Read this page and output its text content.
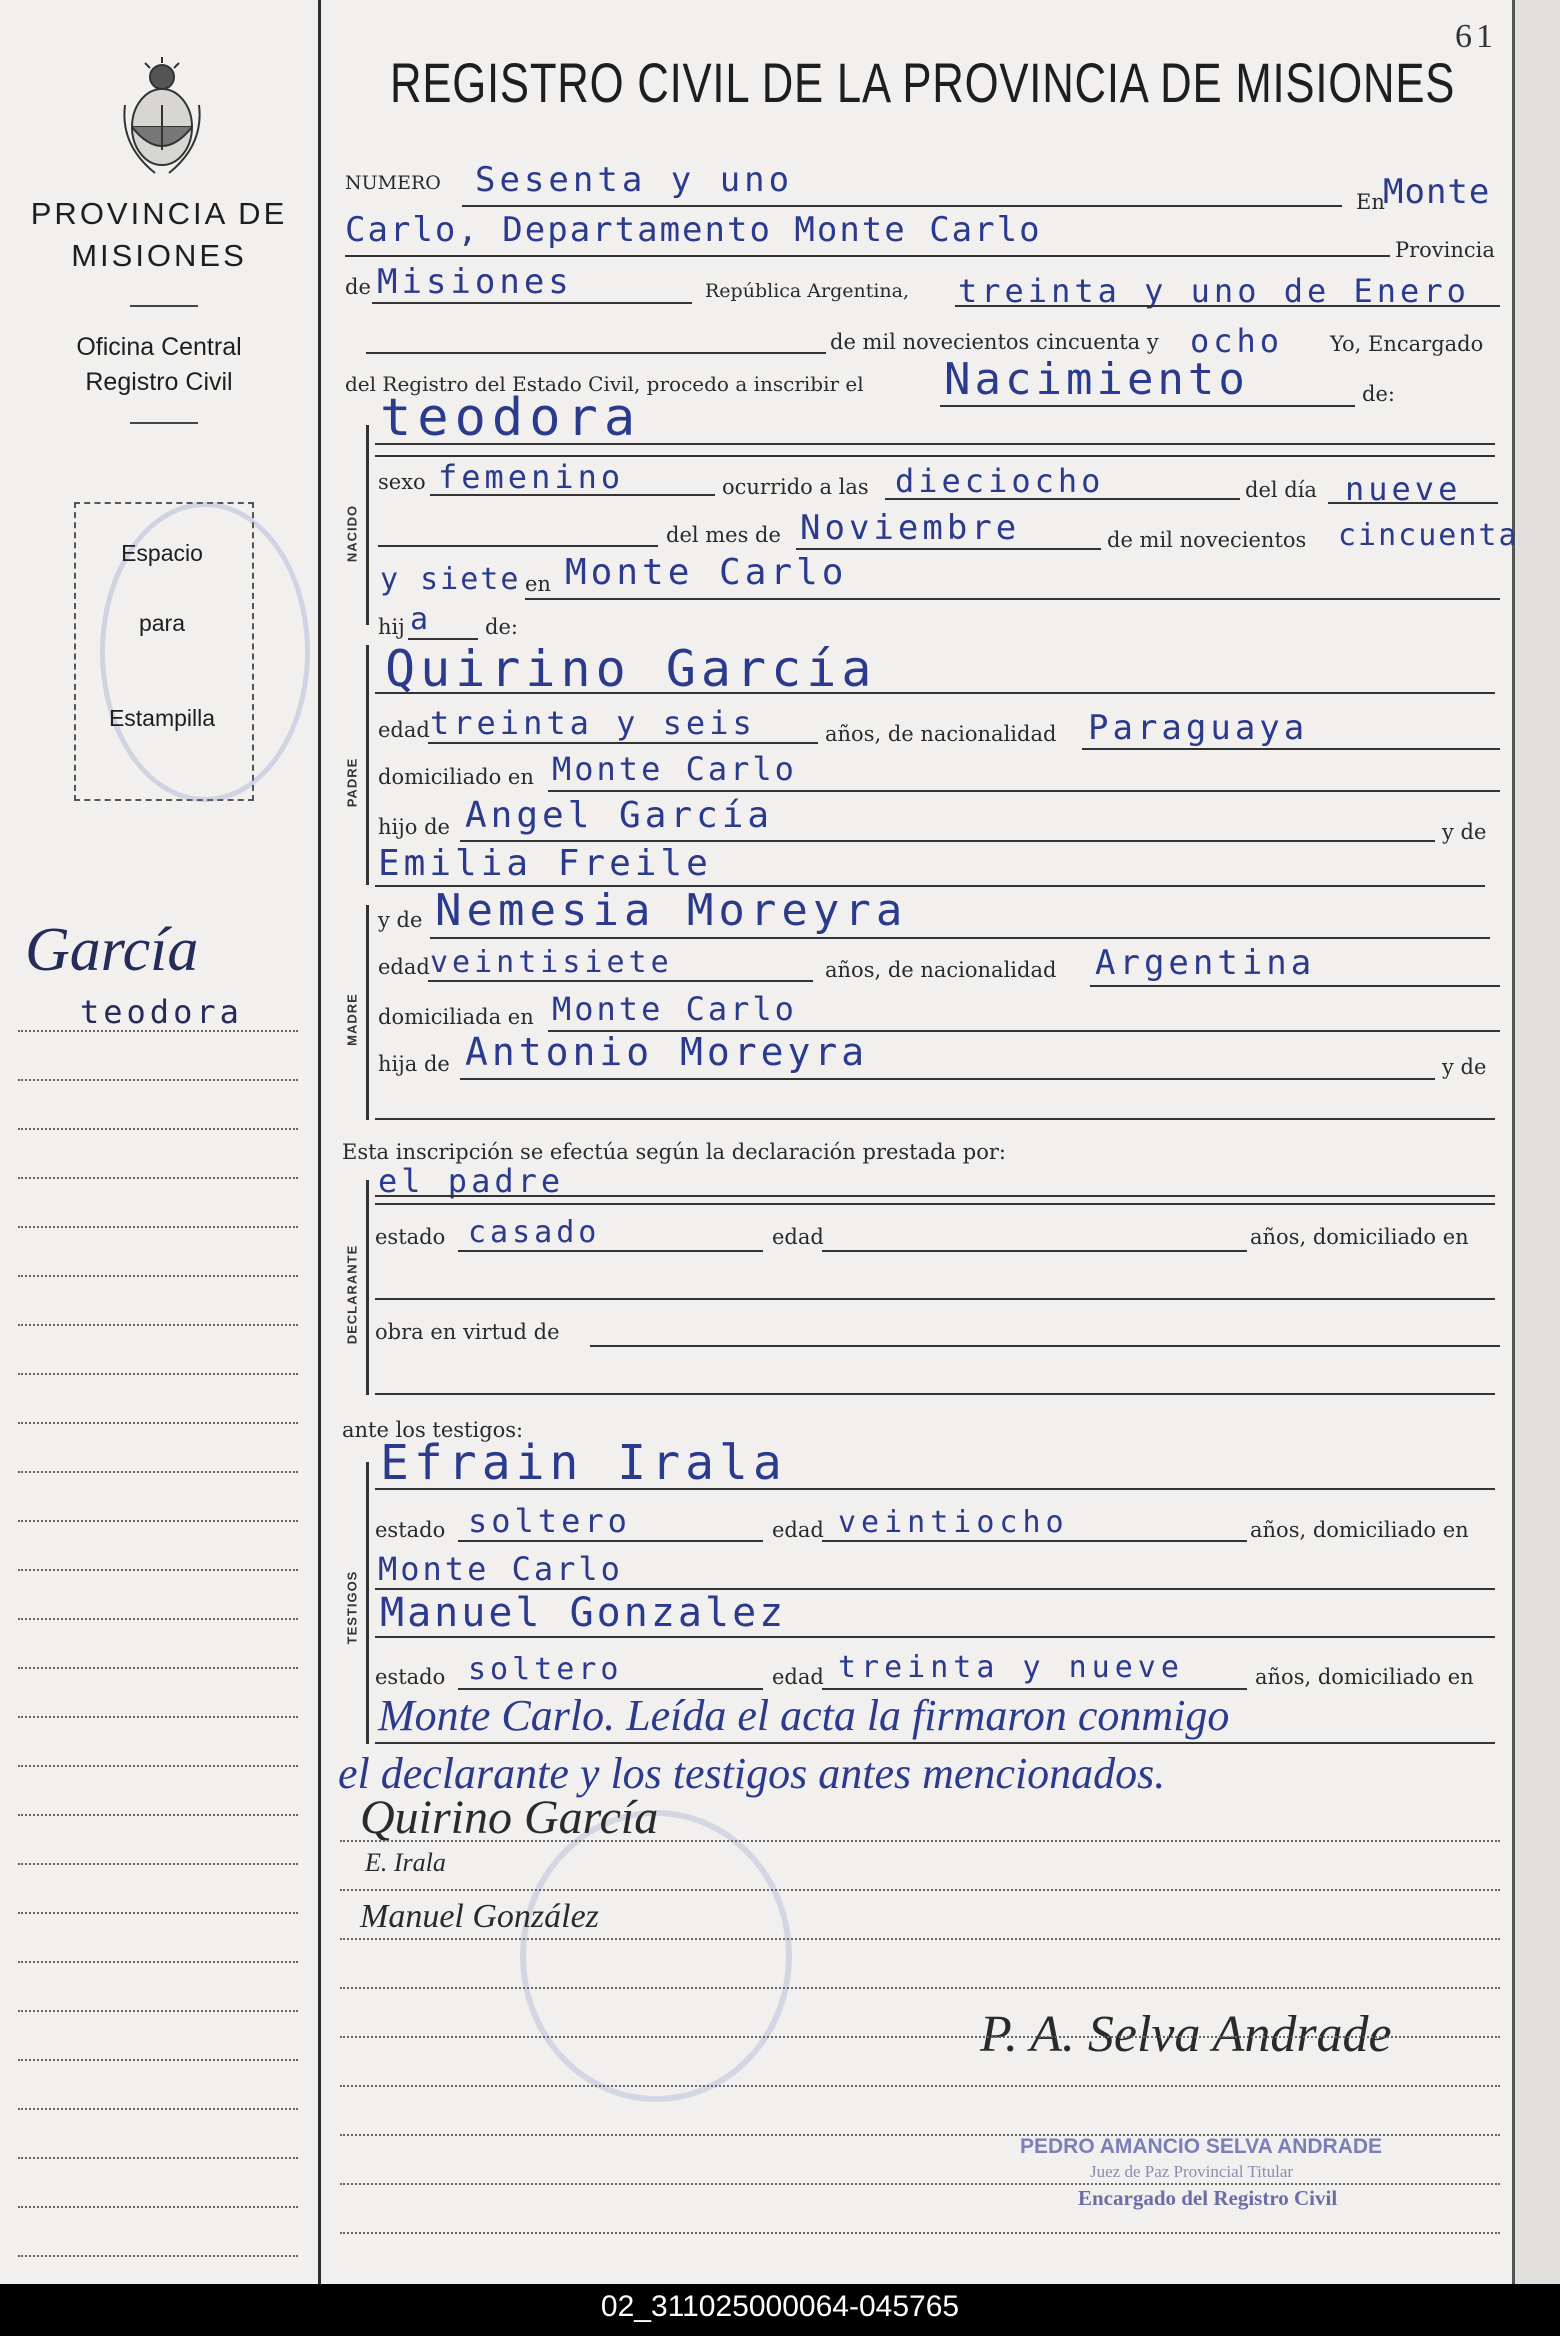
61
REGISTRO CIVIL DE LA PROVINCIA DE MISIONES
PROVINCIA DE
MISIONES
Oficina Central
Registro Civil
Espacio
para
Estampilla
García
teodora
NUMERO Sesenta y uno
En
Monte
Carlo, Departamento Monte Carlo	Provincia
de Misiones	República Argentina, treinta y uno de Enero
de mil novecientos cincuenta y ocho Yo, Encargado
del Registro del Estado Civil, procedo a inscribir el Nacimiento	de:
NACIDO
teodora
sexo femenino	ocurrido a las dieciocho	del día nueve
del mes de Noviembre	de mil novecientos cincuenta
y siete en Monte Carlo
hij a	de:
PADRE
Quirino García
edad treinta y seis	años, de nacionalidad Paraguaya
domiciliado en Monte Carlo
hijo de Angel García	y de
Emilia Freile
MADRE
y de Nemesia Moreyra
edad veintisiete	años, de nacionalidad Argentina
domiciliada en Monte Carlo
hija de Antonio Moreyra	y de
Esta inscripción se efectúa según la declaración prestada por:
DECLARANTE
el padre
estado casado	edad	años, domiciliado en
obra en virtud de
ante los testigos:
TESTIGOS
Efrain Irala
estado soltero	edad veintiocho	años, domiciliado en
Monte Carlo
Manuel Gonzalez
estado soltero	edad treinta y nueve	años, domiciliado en
Monte Carlo. Leída el acta la firmaron conmigo
el declarante y los testigos antes mencionados.
Quirino García
E. Irala
Manuel González
P. A. Selva Andrade
PEDRO AMANCIO SELVA ANDRADE
Juez de Paz Provincial Titular
Encargado del Registro Civil
02_311025000064-045765
